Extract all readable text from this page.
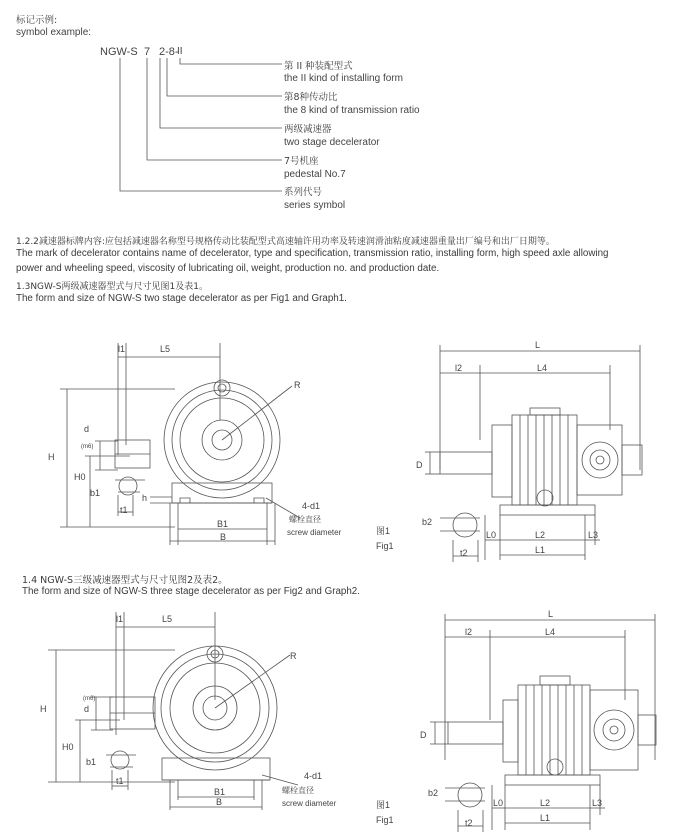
标记示例:
symbol example:
NGW-S 7 2-8-
II
第 II 种装配型式
the II kind of installing form
第8种传动比
the 8 kind of transmission ratio
两级减速器
two stage decelerator
7号机座
pedestal No.7
系列代号
series symbol
1.2.2减速器标牌内容:应包括减速器名称型号规格传动比装配型式高速轴许用功率及转速润滑油粘度减速器重量出厂编号和出厂日期等。
The mark of decelerator contains name of decelerator, type and specification, transmission ratio, installing form, high speed axle allowing
power and wheeling speed, viscosity of lubricating oil, weight, production no. and production date.
1.3NGW-S两级减速器型式与尺寸见图1及表1。
The form and size of NGW-S two stage decelerator as per Fig1 and Graph1.
1.4 NGW-S三级减速器型式与尺寸见图2及表2。
The form and size of NGW-S three stage decelerator as per Fig2 and Graph2.
l1	L5
R
H
d
(m6)
H0
b1
t1
h
B1
B
4-d1
螺栓直径
screw diameter
L
l2	L4
D
b2
t2
L0	L2	L3
L1
图1
Fig1
l1	L5
R
H	d
(m6)
H0
b1
t1
B1
B
4-d1
螺栓直径
screw diameter
L
l2	L4
D
b2
t2
L0	L2	L3
L1
图1
Fig1
